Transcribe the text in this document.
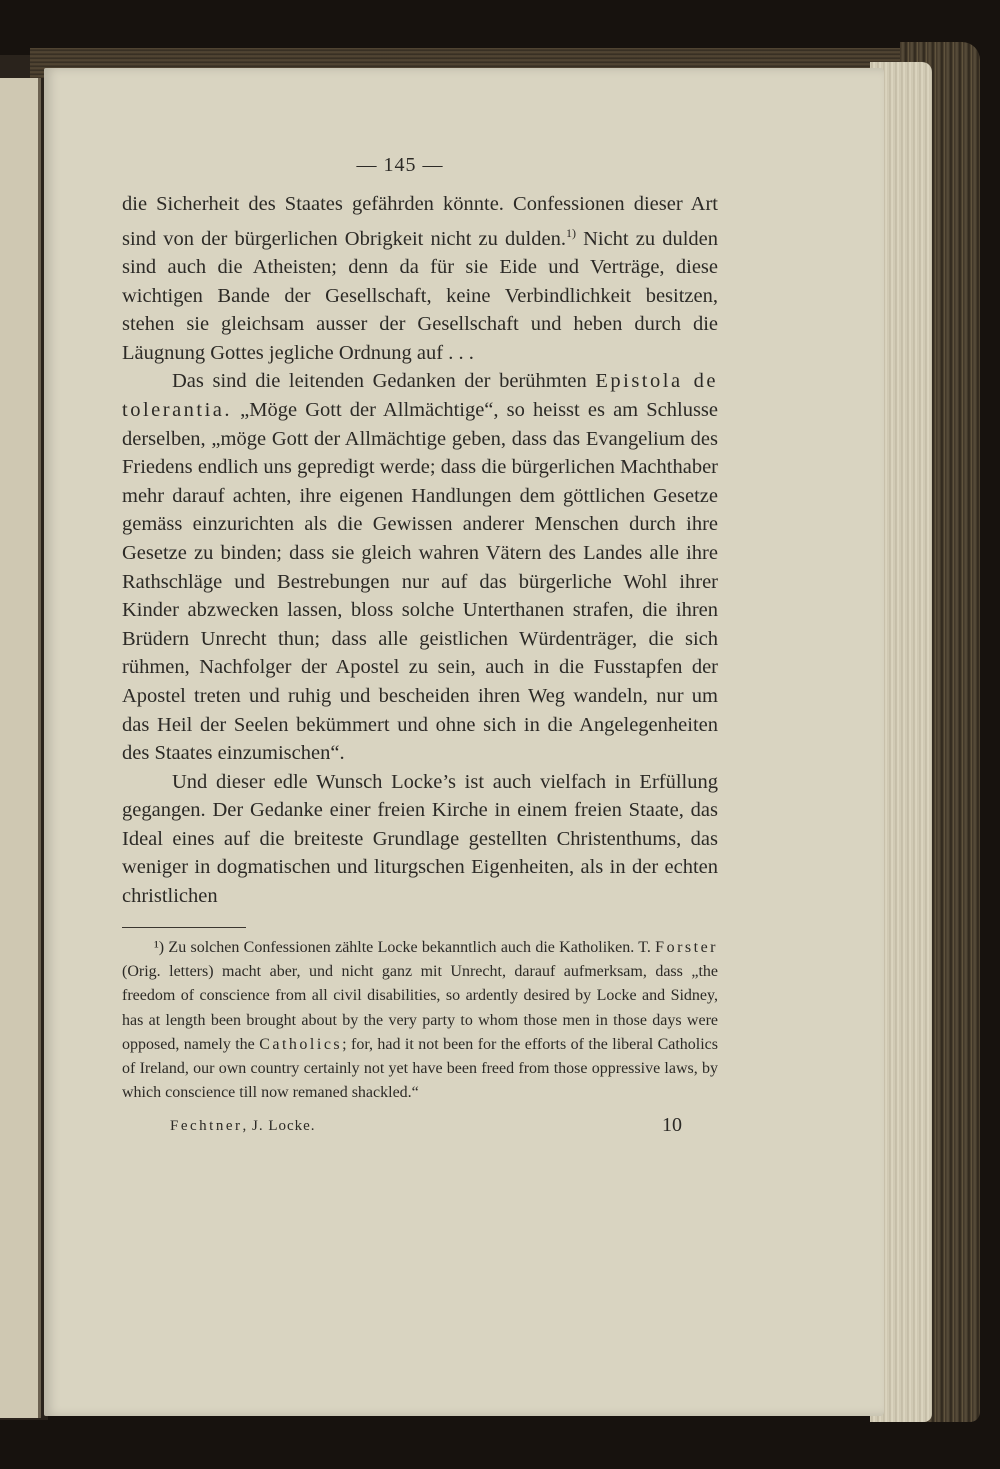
— 145 —

die Sicherheit des Staates gefährden könnte. Confessionen dieser Art sind von der bürgerlichen Obrigkeit nicht zu dulden.$^{1)}$ Nicht zu dulden sind auch die Atheisten; denn da für sie Eide und Verträge, diese wichtigen Bande der Gesellschaft, keine Verbindlichkeit besitzen, stehen sie gleichsam ausser der Gesellschaft und heben durch die Läugnung Gottes jegliche Ordnung auf . . .

Das sind die leitenden Gedanken der berühmten Epistola de tolerantia. „Möge Gott der Allmächtige“, so heisst es am Schlusse derselben, „möge Gott der Allmächtige geben, dass das Evangelium des Friedens endlich uns gepredigt werde; dass die bürgerlichen Machthaber mehr darauf achten, ihre eigenen Handlungen dem göttlichen Gesetze gemäss einzurichten als die Gewissen anderer Menschen durch ihre Gesetze zu binden; dass sie gleich wahren Vätern des Landes alle ihre Rathschläge und Bestrebungen nur auf das bürgerliche Wohl ihrer Kinder abzwecken lassen, bloss solche Unterthanen strafen, die ihren Brüdern Unrecht thun; dass alle geistlichen Würdenträger, die sich rühmen, Nachfolger der Apostel zu sein, auch in die Fusstapfen der Apostel treten und ruhig und bescheiden ihren Weg wandeln, nur um das Heil der Seelen bekümmert und ohne sich in die Angelegenheiten des Staates einzumischen“.

Und dieser edle Wunsch Locke’s ist auch vielfach in Erfüllung gegangen. Der Gedanke einer freien Kirche in einem freien Staate, das Ideal eines auf die breiteste Grundlage gestellten Christenthums, das weniger in dogmatischen und liturgschen Eigenheiten, als in der echten christlichen

¹) Zu solchen Confessionen zählte Locke bekanntlich auch die Katholiken. T. Forster (Orig. letters) macht aber, und nicht ganz mit Unrecht, darauf aufmerksam, dass „the freedom of conscience from all civil disabilities, so ardently desired by Locke and Sidney, has at length been brought about by the very party to whom those men in those days were opposed, namely the Catholics; for, had it not been for the efforts of the liberal Catholics of Ireland, our own country certainly not yet have been freed from those oppressive laws, by which conscience till now remaned shackled.“

Fechtner, J. Locke.	10
